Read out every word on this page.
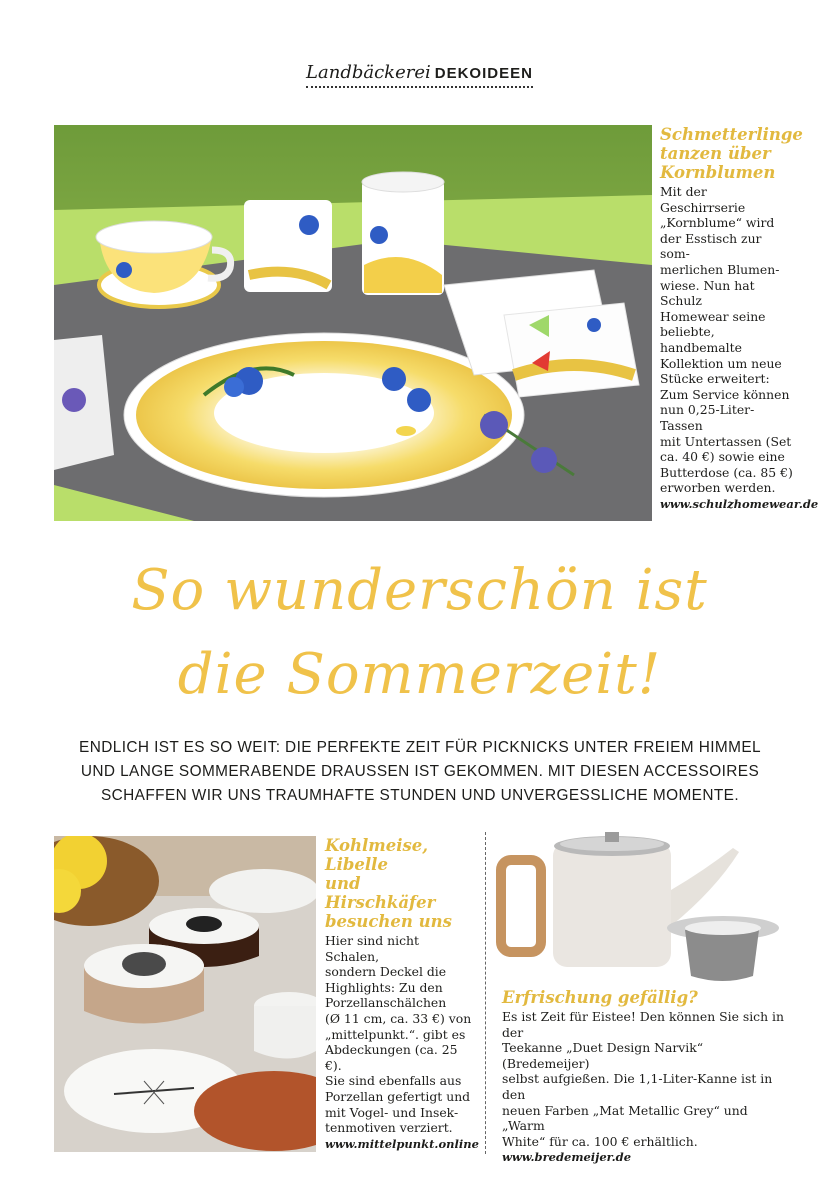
Landbäckerei DEKOIDEEN
Schmetterlinge
tanzen über
Kornblumen

Mit der Geschirrserie
„Kornblume“ wird
der Esstisch zur som-
merlichen Blumen-
wiese. Nun hat Schulz
Homewear seine
beliebte, handbemalte
Kollektion um neue
Stücke erweitert:
Zum Service können
nun 0,25-Liter-Tassen
mit Untertassen (Set
ca. 40 €) sowie eine
Butterdose (ca. 85 €)
erworben werden.
www.schulzhomewear.de

So wunderschön ist
die Sommerzeit!
ENDLICH IST ES SO WEIT: DIE PERFEKTE ZEIT FÜR PICKNICKS UNTER FREIEM HIMMEL
UND LANGE SOMMERABENDE DRAUSSEN IST GEKOMMEN. MIT DIESEN ACCESSOIRES
SCHAFFEN WIR UNS TRAUMHAFTE STUNDEN UND UNVERGESSLICHE MOMENTE.
Kohlmeise, Libelle
und Hirschkäfer
besuchen uns

Hier sind nicht Schalen,
sondern Deckel die
Highlights: Zu den
Porzellanschälchen
(Ø 11 cm, ca. 33 €) von
„mittelpunkt.“. gibt es
Abdeckungen (ca. 25 €).
Sie sind ebenfalls aus
Porzellan gefertigt und
mit Vogel- und Insek-
tenmotiven verziert.
www.mittelpunkt.online

Erfrischung gefällig?

Es ist Zeit für Eistee! Den können Sie sich in der
Teekanne „Duet Design Narvik“ (Bredemeijer)
selbst aufgießen. Die 1,1-Liter-Kanne ist in den
neuen Farben „Mat Metallic Grey“ und „Warm
White“ für ca. 100 € erhältlich. www.bredemeijer.de
